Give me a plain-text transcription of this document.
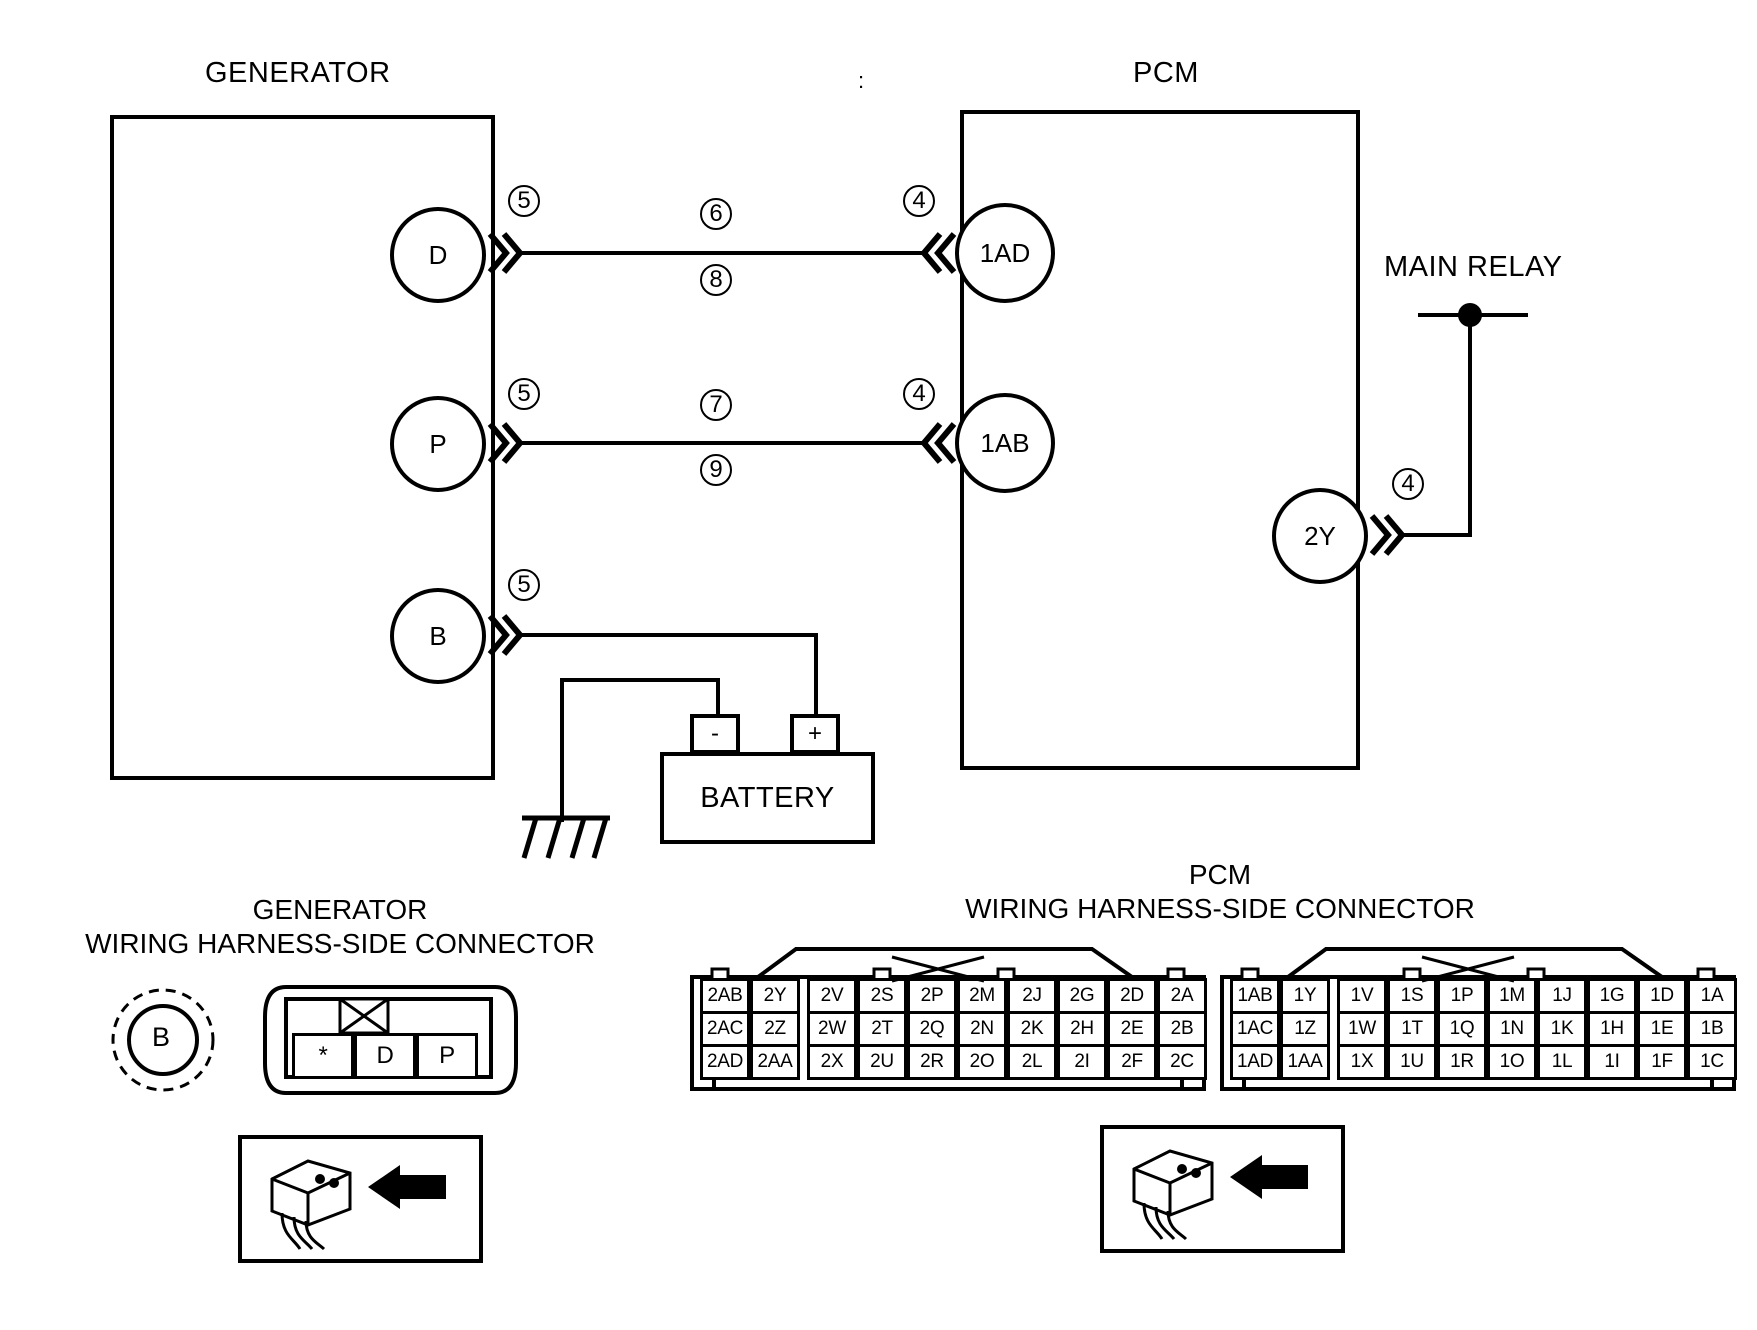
GENERATOR	PCM
MAIN RELAY
:
D
5	6
8
4
1AD
P
5	7
9
4
1AB
B
5
-	+
BATTERY
2Y
4
GENERATOR
WIRING HARNESS-SIDE CONNECTOR
B
*	D	P
PCM
WIRING HARNESS-SIDE CONNECTOR
2AB	2Y	2V	2S	2P	2M	2J	2G	2D	2A
2AC	2Z	2W	2T	2Q	2N	2K	2H	2E	2B
2AD 2AA	2X	2U	2R	2O	2L	2I	2F	2C
1AB	1Y	1V	1S	1P	1M	1J	1G	1D	1A
1AC	1Z	1W	1T	1Q	1N	1K	1H	1E	1B
1AD 1AA	1X	1U	1R	1O	1L	1I	1F	1C
